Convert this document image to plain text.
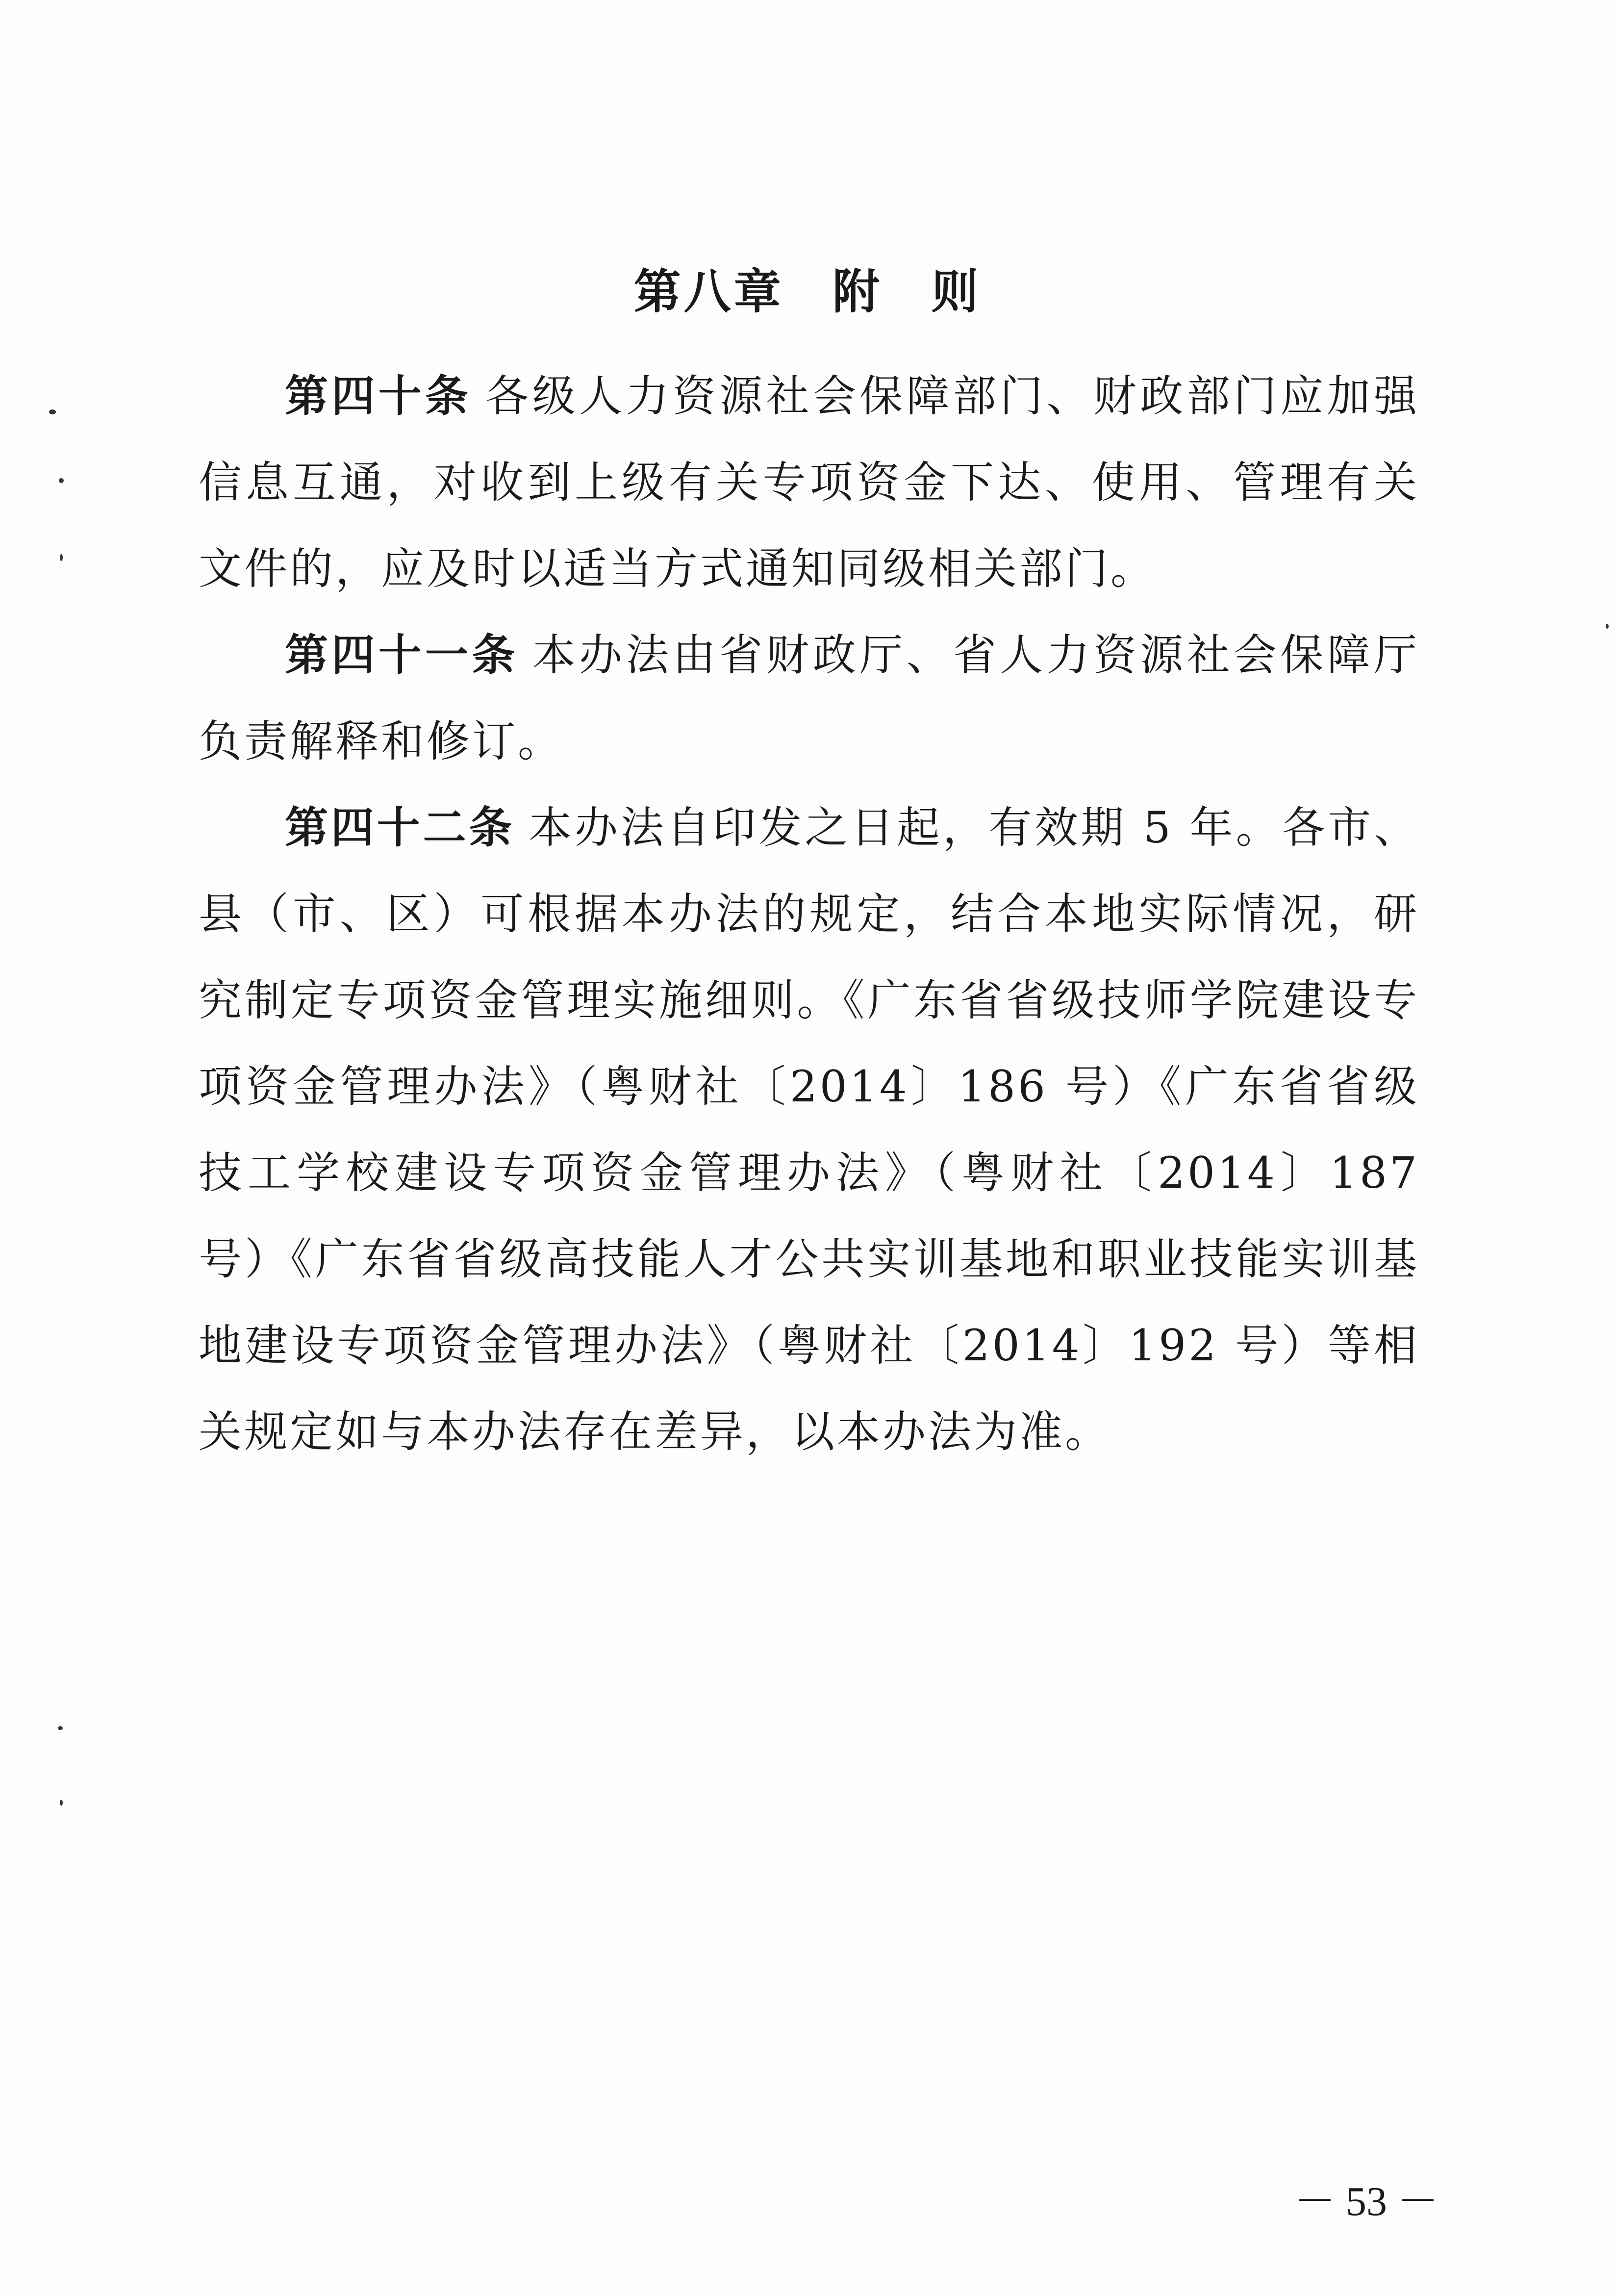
第八章 附 则

第四十条 各级人力资源社会保障部门、财政部门应加强信息互通，对收到上级有关专项资金下达、使用、管理有关文件的，应及时以适当方式通知同级相关部门。

第四十一条 本办法由省财政厅、省人力资源社会保障厅负责解释和修订。

第四十二条 本办法自印发之日起，有效期 5 年。各市、县（市、区）可根据本办法的规定，结合本地实际情况，研究制定专项资金管理实施细则。《广东省省级技师学院建设专项资金管理办法》（粤财社〔2014〕186 号）《广东省省级技工学校建设专项资金管理办法》（粤财社〔2014〕187 号）《广东省省级高技能人才公共实训基地和职业技能实训基地建设专项资金管理办法》（粤财社〔2014〕192 号）等相关规定如与本办法存在差异，以本办法为准。

－ 53 －
